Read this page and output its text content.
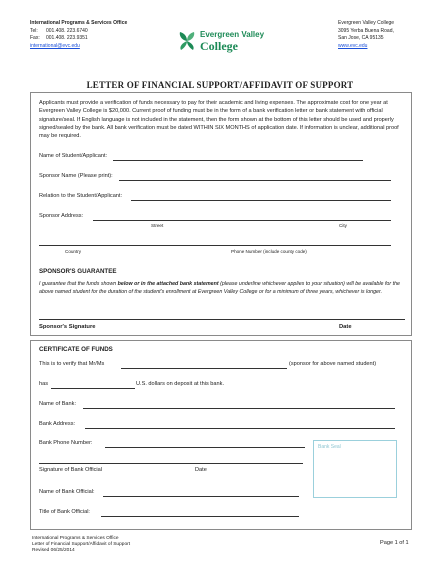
International Programs & Services Office
Tel: 001.408. 223.6740
Fax: 001.408. 223.9351
international@evc.edu
Evergreen Valley
College
Evergreen Valley College
3095 Yerba Buena Road,
San Jose, CA 95135
www.evc.edu
LETTER OF FINANCIAL SUPPORT/AFFIDAVIT OF SUPPORT
Applicants must provide a verification of funds necessary to pay for their academic and living expenses. The approximate cost for one year at Evergreen Valley College is $20,000. Current proof of funding must be in the form of a bank verification letter or bank statement with official signature/seal. If English language is not included in the statement, then the form shown at the bottom of this letter should be used and properly signed/sealed by the bank. All bank verification must be dated WITHIN SIX MONTHS of application date. If information is unclear, additional proof may be required.
Name of Student/Applicant:
Sponsor Name (Please print):
Relation to the Student/Applicant:
Sponsor Address:
Street	City
Country	Phone Number (include county code)
SPONSOR'S GUARANTEE
I guarantee that the funds shown below or in the attached bank statement (please underline whichever applies to your situation) will be available for the above named student for the duration of the student's enrollment at Evergreen Valley College or for a minimum of three years, whichever is longer.
Sponsor's Signature	Date
CERTIFICATE OF FUNDS
This is to verify that Mr/Ms	(sponsor for above named student)
has	U.S. dollars on deposit at this bank.
Name of Bank:
Bank Address:
Bank Phone Number:
Bank Seal
Signature of Bank Official	Date
Name of Bank Official:
Title of Bank Official:
International Programs & Services Office
Letter of Financial Support/Affidavit of Support
Revised 06/25/2014
Page 1 of 1
